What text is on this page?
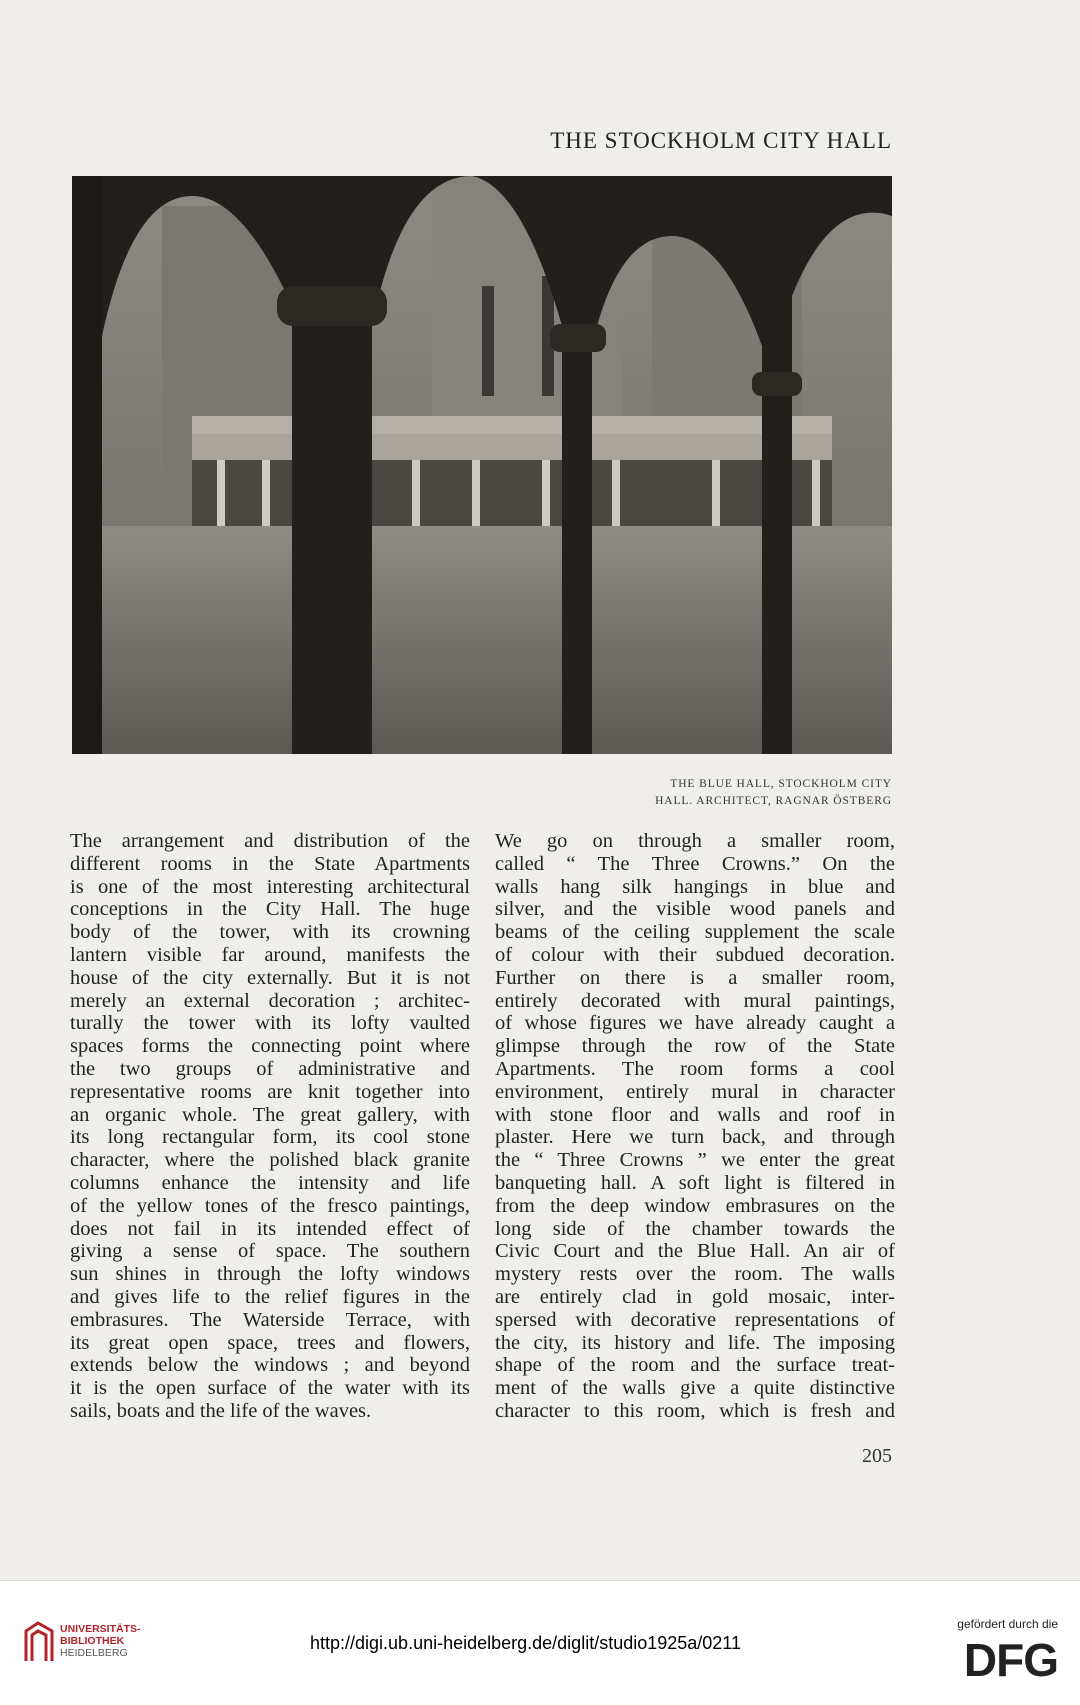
THE STOCKHOLM CITY HALL
THE BLUE HALL, STOCKHOLM CITY
HALL. ARCHITECT, RAGNAR ÖSTBERG
The arrangement and distribution of the
different rooms in the State Apartments
is one of the most interesting architectural
conceptions in the City Hall. The huge
body of the tower, with its crowning
lantern visible far around, manifests the
house of the city externally. But it is not
merely an external decoration ; architec-
turally the tower with its lofty vaulted
spaces forms the connecting point where
the two groups of administrative and
representative rooms are knit together into
an organic whole. The great gallery, with
its long rectangular form, its cool stone
character, where the polished black granite
columns enhance the intensity and life
of the yellow tones of the fresco paintings,
does not fail in its intended effect of
giving a sense of space. The southern
sun shines in through the lofty windows
and gives life to the relief figures in the
embrasures. The Waterside Terrace, with
its great open space, trees and flowers,
extends below the windows ; and beyond
it is the open surface of the water with its
sails, boats and the life of the waves.
We go on through a smaller room,
called “ The Three Crowns.” On the
walls hang silk hangings in blue and
silver, and the visible wood panels and
beams of the ceiling supplement the scale
of colour with their subdued decoration.
Further on there is a smaller room,
entirely decorated with mural paintings,
of whose figures we have already caught a
glimpse through the row of the State
Apartments. The room forms a cool
environment, entirely mural in character
with stone floor and walls and roof in
plaster. Here we turn back, and through
the “ Three Crowns ” we enter the great
banqueting hall. A soft light is filtered in
from the deep window embrasures on the
long side of the chamber towards the
Civic Court and the Blue Hall. An air of
mystery rests over the room. The walls
are entirely clad in gold mosaic, inter-
spersed with decorative representations of
the city, its history and life. The imposing
shape of the room and the surface treat-
ment of the walls give a quite distinctive
character to this room, which is fresh and
205
UNIVERSITÄTS-
BIBLIOTHEK
HEIDELBERG	http://digi.ub.uni-heidelberg.de/diglit/studio1925a/0211
gefördert durch die
DFG
